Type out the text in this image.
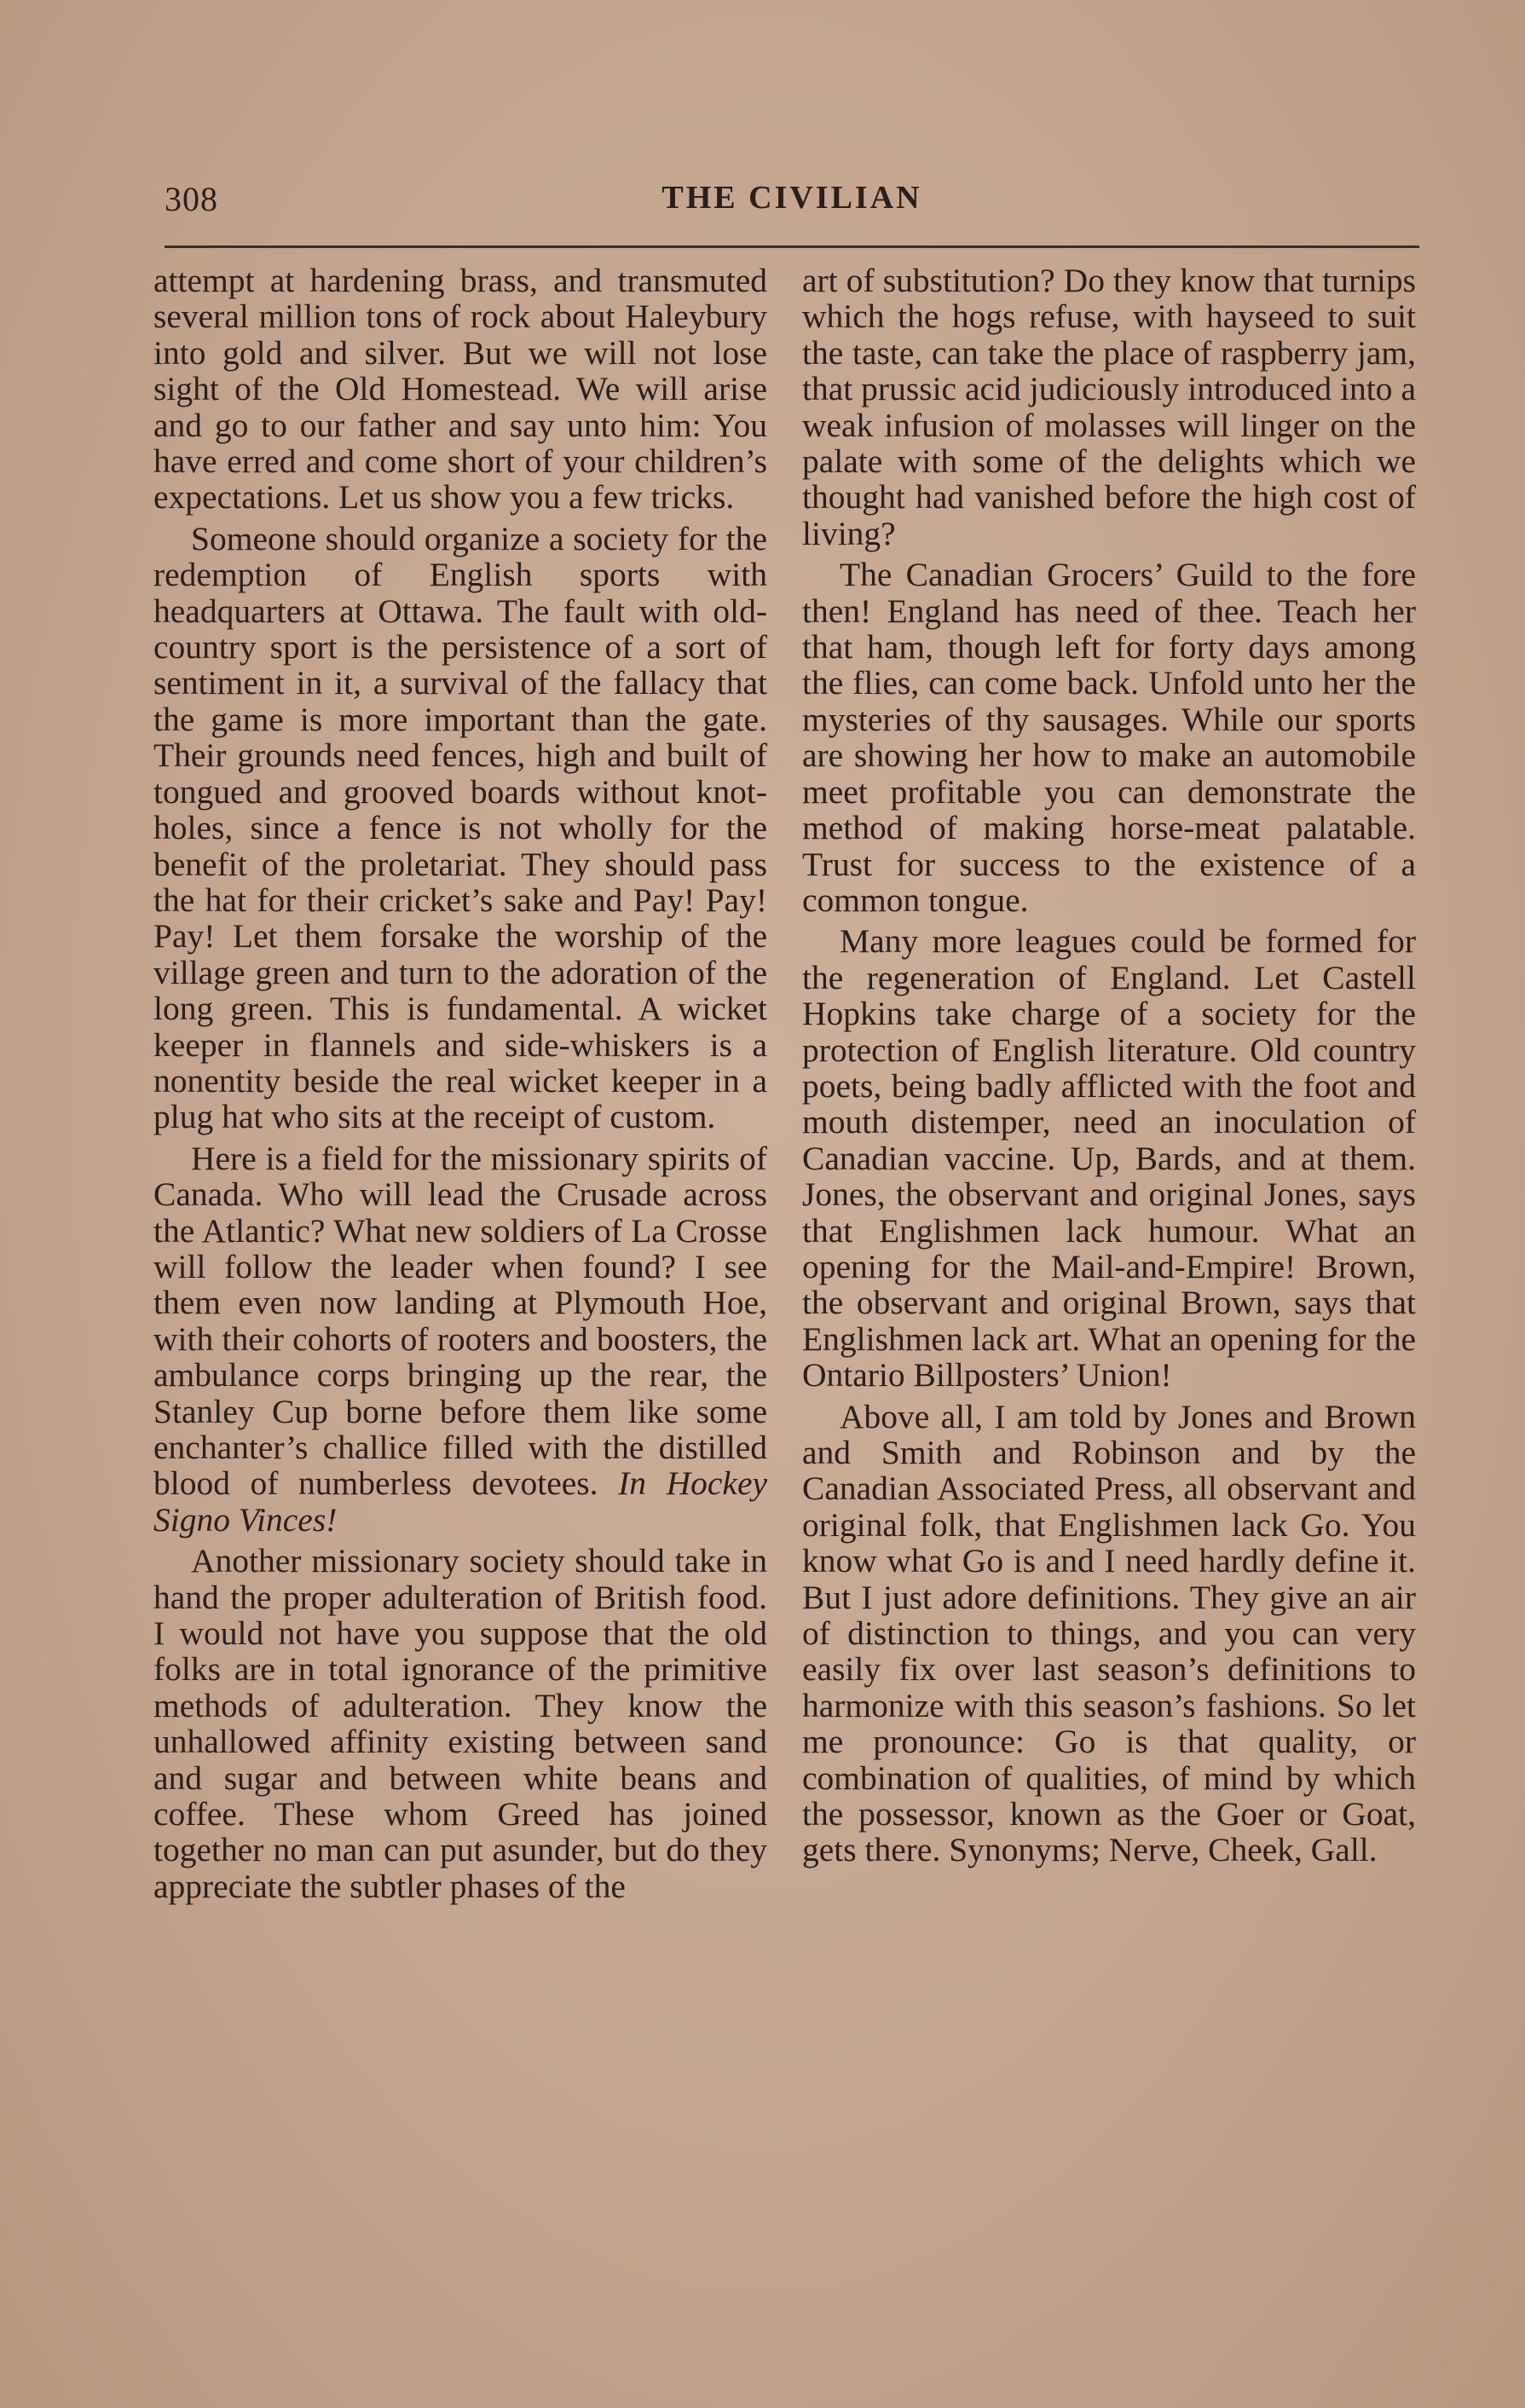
308	THE CIVILIAN

attempt at hardening brass, and transmuted several million tons of rock about Haleybury into gold and silver. But we will not lose sight of the Old Homestead. We will arise and go to our father and say unto him: You have erred and come short of your children’s expectations. Let us show you a few tricks.

Someone should organize a society for the redemption of English sports with headquarters at Ottawa. The fault with old-country sport is the persistence of a sort of sentiment in it, a survival of the fallacy that the game is more important than the gate. Their grounds need fences, high and built of tongued and grooved boards without knot-holes, since a fence is not wholly for the benefit of the proletariat. They should pass the hat for their cricket’s sake and Pay! Pay! Pay! Let them forsake the worship of the village green and turn to the adoration of the long green. This is fundamental. A wicket keeper in flannels and side-whiskers is a nonentity beside the real wicket keeper in a plug hat who sits at the receipt of custom.

Here is a field for the missionary spirits of Canada. Who will lead the Crusade across the Atlantic? What new soldiers of La Crosse will follow the leader when found? I see them even now landing at Plymouth Hoe, with their cohorts of rooters and boosters, the ambulance corps bringing up the rear, the Stanley Cup borne before them like some enchanter’s challice filled with the distilled blood of numberless devotees. In Hockey Signo Vinces!

Another missionary society should take in hand the proper adulteration of British food. I would not have you suppose that the old folks are in total ignorance of the primitive methods of adulteration. They know the unhallowed affinity existing between sand and sugar and between white beans and coffee. These whom Greed has joined together no man can put asunder, but do they appreciate the subtler phases of the

art of substitution? Do they know that turnips which the hogs refuse, with hayseed to suit the taste, can take the place of raspberry jam, that prussic acid judiciously introduced into a weak infusion of molasses will linger on the palate with some of the delights which we thought had vanished before the high cost of living?

The Canadian Grocers’ Guild to the fore then! England has need of thee. Teach her that ham, though left for forty days among the flies, can come back. Unfold unto her the mysteries of thy sausages. While our sports are showing her how to make an automobile meet profitable you can demonstrate the method of making horse-meat palatable. Trust for success to the existence of a common tongue.

Many more leagues could be formed for the regeneration of England. Let Castell Hopkins take charge of a society for the protection of English literature. Old country poets, being badly afflicted with the foot and mouth distemper, need an inoculation of Canadian vaccine. Up, Bards, and at them. Jones, the observant and original Jones, says that Englishmen lack humour. What an opening for the Mail-and-Empire! Brown, the observant and original Brown, says that Englishmen lack art. What an opening for the Ontario Billposters’ Union!

Above all, I am told by Jones and Brown and Smith and Robinson and by the Canadian Associated Press, all observant and original folk, that Englishmen lack Go. You know what Go is and I need hardly define it. But I just adore definitions. They give an air of distinction to things, and you can very easily fix over last season’s definitions to harmonize with this season’s fashions. So let me pronounce: Go is that quality, or combination of qualities, of mind by which the possessor, known as the Goer or Goat, gets there. Synonyms; Nerve, Cheek, Gall.
